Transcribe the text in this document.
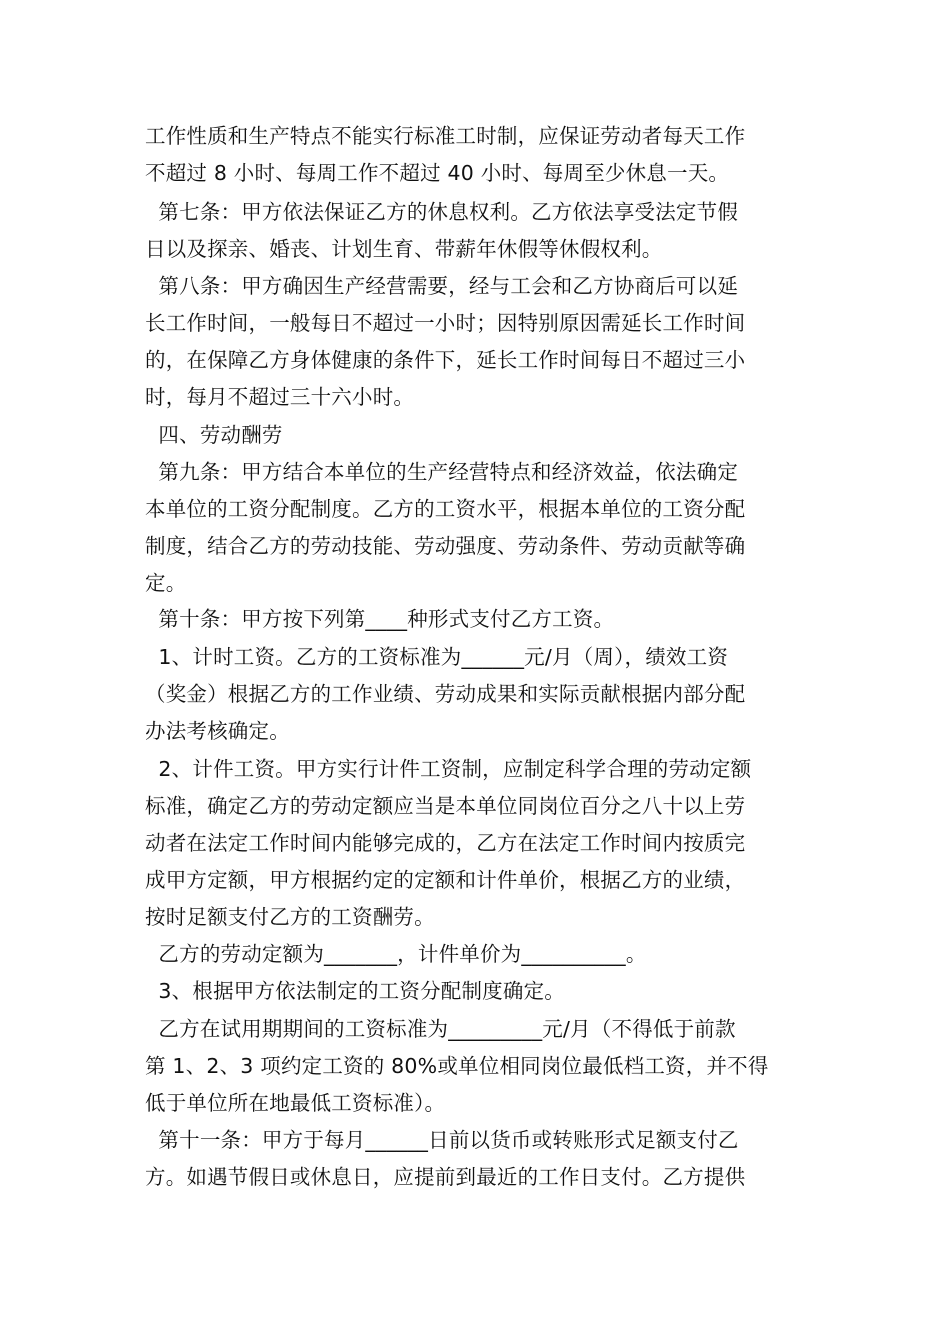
工作性质和生产特点不能实行标准工时制，应保证劳动者每天工作
不超过 8 小时、每周工作不超过 40 小时、每周至少休息一天。
第七条：甲方依法保证乙方的休息权利。乙方依法享受法定节假
日以及探亲、婚丧、计划生育、带薪年休假等休假权利。
第八条：甲方确因生产经营需要，经与工会和乙方协商后可以延
长工作时间，一般每日不超过一小时；因特别原因需延长工作时间
的，在保障乙方身体健康的条件下，延长工作时间每日不超过三小
时，每月不超过三十六小时。
四、劳动酬劳
第九条：甲方结合本单位的生产经营特点和经济效益，依法确定
本单位的工资分配制度。乙方的工资水平，根据本单位的工资分配
制度，结合乙方的劳动技能、劳动强度、劳动条件、劳动贡献等确
定。
第十条：甲方按下列第____种形式支付乙方工资。
1、计时工资。乙方的工资标准为______元/月（周），绩效工资
（奖金）根据乙方的工作业绩、劳动成果和实际贡献根据内部分配
办法考核确定。
2、计件工资。甲方实行计件工资制，应制定科学合理的劳动定额
标准，确定乙方的劳动定额应当是本单位同岗位百分之八十以上劳
动者在法定工作时间内能够完成的，乙方在法定工作时间内按质完
成甲方定额，甲方根据约定的定额和计件单价，根据乙方的业绩，
按时足额支付乙方的工资酬劳。
乙方的劳动定额为_______，计件单价为__________。
3、根据甲方依法制定的工资分配制度确定。
乙方在试用期期间的工资标准为_________元/月（不得低于前款
第 1、2、3 项约定工资的 80%或单位相同岗位最低档工资，并不得
低于单位所在地最低工资标准）。
第十一条：甲方于每月______日前以货币或转账形式足额支付乙
方。如遇节假日或休息日，应提前到最近的工作日支付。乙方提供
